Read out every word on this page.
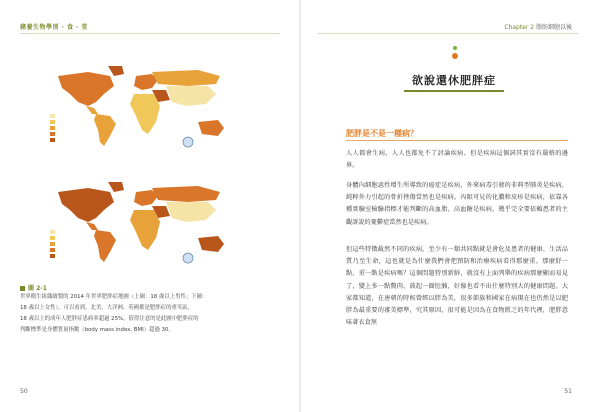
豬養生物學別 · 食 · 堂	Chapter 2 脂肪細胞以後
圖 2-1
世界衛生組織繪製的 2014 年世界肥胖症地圖（上圖：18 歲以上男性；下圖：
18 歲以上女性）。可以看到，北美、大洋洲、英國都是肥胖症的重災區，
18 歲以上的成年人肥胖症患病率超過 25%。值得注意的是此圖中肥胖症的
判斷標準是身體質量指數（body mass index, BMI）超過 30。
50
欲說還休肥胖症
肥胖是不是一種病？
人人都會生病，人人也都免不了討論疾病。但是疾病這個詞其實沒有嚴格的邊界。
身體內細胞惡性增生所導致的癌症是疾病，外來病毒引發的非典型肺炎是疾病，純粹外力引起的骨折挫傷當然也是疾病。內眼可見的化膿和皮疹是疾病，依靠各種實驗室檢驗指標才能判斷的高血脂、高血糖是疾病，幾乎完全要依賴患者的主觀訴說的憂鬱症當然也是疾病。
但這些特徵截然不同的疾病，至少有一類共同點就是會危及患者的健康、生活品質乃至生命，這也就是為什麼我們會把預防和治療疾病看得那麼重。那麼舒一點，重一點是疾病嗎？這個問題特別新鮮，就沒有上面列舉的疾病那麼顯而易見了，變上多一點贅肉，鼓起一圈肚腩，好像也看不出什麼特別大的健康問題。大家都知道，在唐朝的時候曾經以胖為美，很多節族和國家在病現在也仍然是以肥胖為最重要的審美標準，究其原因，很可能是因為在食物匱乏的年代裡，肥胖意味著衣食無
51
